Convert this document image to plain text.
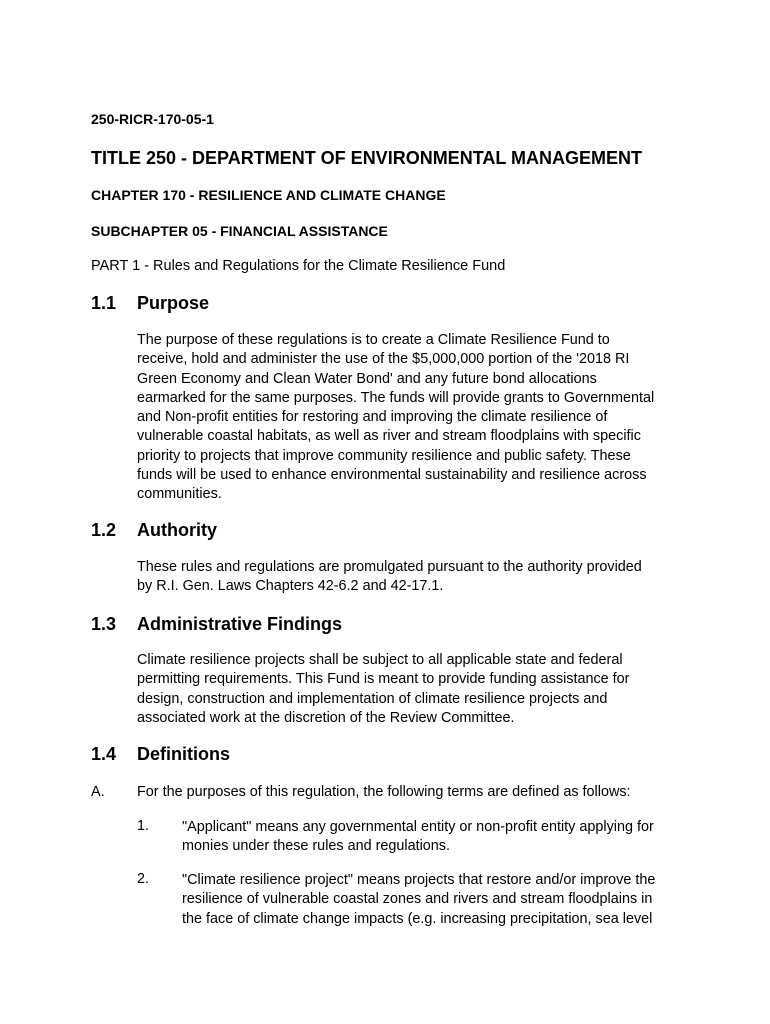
250-RICR-170-05-1
TITLE 250 - DEPARTMENT OF ENVIRONMENTAL MANAGEMENT
CHAPTER 170 - RESILIENCE AND CLIMATE CHANGE
SUBCHAPTER 05 - FINANCIAL ASSISTANCE
PART 1 - Rules and Regulations for the Climate Resilience Fund
1.1 Purpose
The purpose of these regulations is to create a Climate Resilience Fund to
receive, hold and administer the use of the $5,000,000 portion of the '2018 RI
Green Economy and Clean Water Bond' and any future bond allocations
earmarked for the same purposes. The funds will provide grants to Governmental
and Non-profit entities for restoring and improving the climate resilience of
vulnerable coastal habitats, as well as river and stream floodplains with specific
priority to projects that improve community resilience and public safety. These
funds will be used to enhance environmental sustainability and resilience across
communities.
1.2 Authority
These rules and regulations are promulgated pursuant to the authority provided
by R.I. Gen. Laws Chapters 42-6.2 and 42-17.1.
1.3 Administrative Findings
Climate resilience projects shall be subject to all applicable state and federal
permitting requirements. This Fund is meant to provide funding assistance for
design, construction and implementation of climate resilience projects and
associated work at the discretion of the Review Committee.
1.4 Definitions
A. For the purposes of this regulation, the following terms are defined as follows:
1. "Applicant" means any governmental entity or non-profit entity applying for
monies under these rules and regulations.
2. "Climate resilience project" means projects that restore and/or improve the
resilience of vulnerable coastal zones and rivers and stream floodplains in
the face of climate change impacts (e.g. increasing precipitation, sea level
